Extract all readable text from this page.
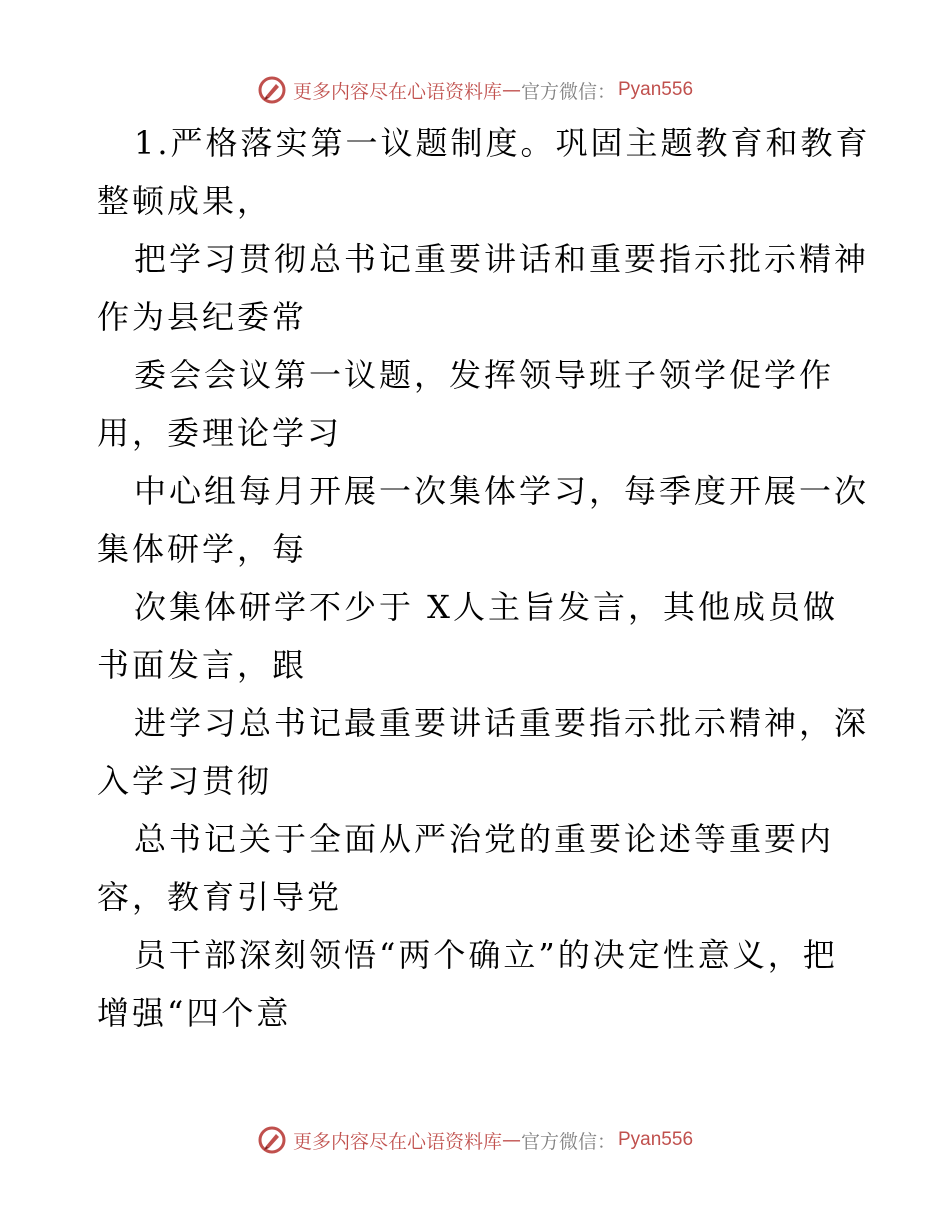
更多内容尽在心语资料库 — 官方微信： Pyan556
1.严格落实第一议题制度。巩固主题教育和教育
整顿成果，
把学习贯彻总书记重要讲话和重要指示批示精神
作为县纪委常
委会会议第一议题，发挥领导班子领学促学作
用，委理论学习
中心组每月开展一次集体学习，每季度开展一次
集体研学，每
次集体研学不少于 X人主旨发言，其他成员做
书面发言，跟
进学习总书记最重要讲话重要指示批示精神，深
入学习贯彻
总书记关于全面从严治党的重要论述等重要内
容，教育引导党
员干部深刻领悟“两个确立”的决定性意义，把
增强“四个意
更多内容尽在心语资料库 — 官方微信： Pyan556
